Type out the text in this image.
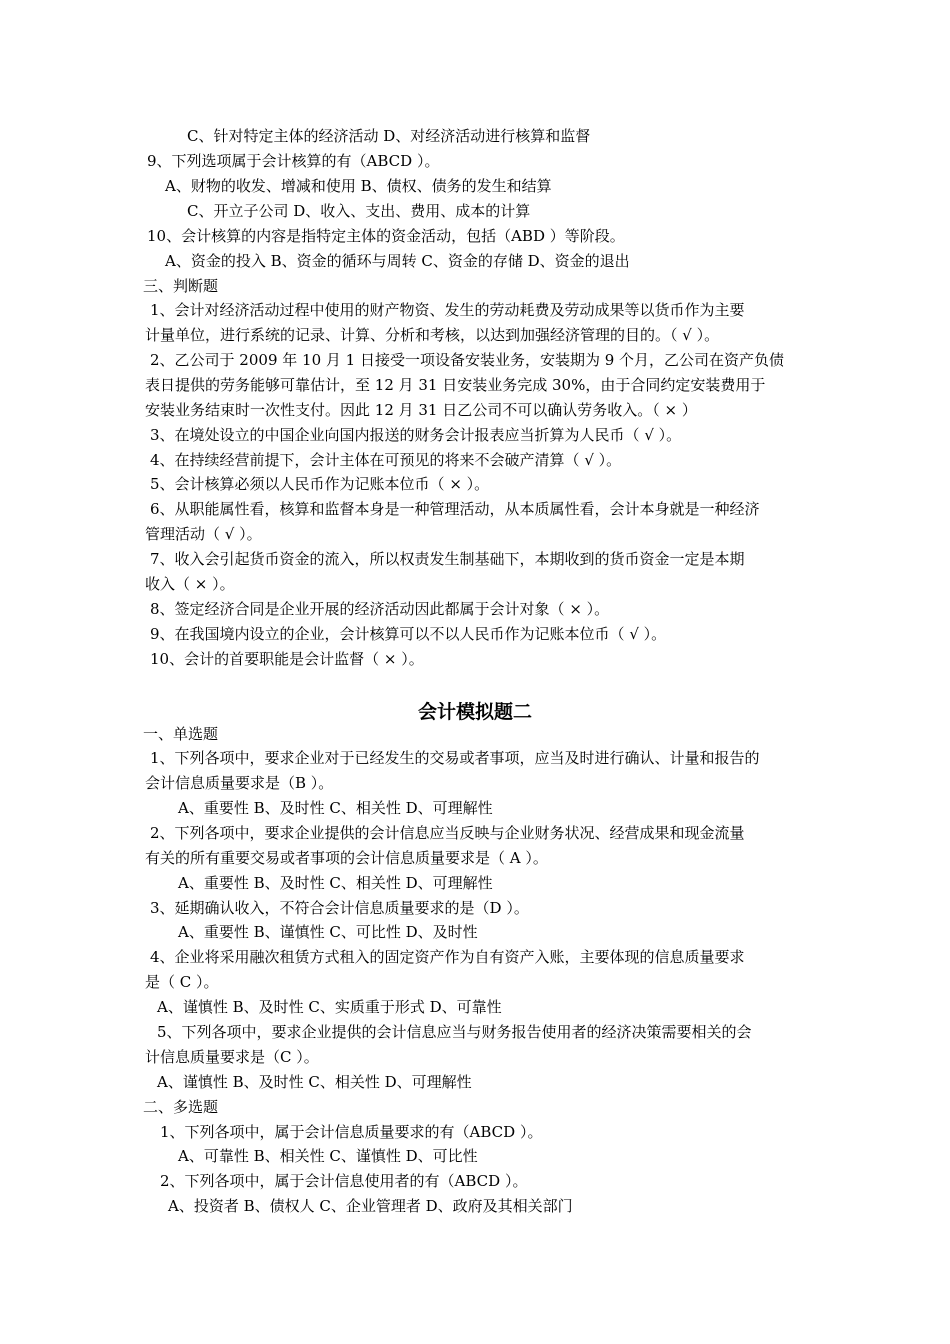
C、针对特定主体的经济活动 D、对经济活动进行核算和监督
9、下列选项属于会计核算的有（ABCD ）。
A、财物的收发、增减和使用 B、债权、债务的发生和结算
C、开立子公司 D、收入、支出、费用、成本的计算
10、会计核算的内容是指特定主体的资金活动，包括（ABD ）等阶段。
A、资金的投入 B、资金的循环与周转 C、资金的存储 D、资金的退出
三、判断题
1、会计对经济活动过程中使用的财产物资、发生的劳动耗费及劳动成果等以货币作为主要
计量单位，进行系统的记录、计算、分析和考核，以达到加强经济管理的目的。（ √ ）。
2、乙公司于 2009 年 10 月 1 日接受一项设备安装业务，安装期为 9 个月，乙公司在资产负债
表日提供的劳务能够可靠估计，至 12 月 31 日安装业务完成 30%，由于合同约定安装费用于
安装业务结束时一次性支付。因此 12 月 31 日乙公司不可以确认劳务收入。（ × ）
3、在境处设立的中国企业向国内报送的财务会计报表应当折算为人民币（ √ ）。
4、在持续经营前提下，会计主体在可预见的将来不会破产清算（ √ ）。
5、会计核算必须以人民币作为记账本位币（ × ）。
6、从职能属性看，核算和监督本身是一种管理活动，从本质属性看，会计本身就是一种经济
管理活动（ √ ）。
7、收入会引起货币资金的流入，所以权责发生制基础下，本期收到的货币资金一定是本期
收入（ × ）。
8、签定经济合同是企业开展的经济活动因此都属于会计对象（ × ）。
9、在我国境内设立的企业，会计核算可以不以人民币作为记账本位币（ √ ）。
10、会计的首要职能是会计监督（ × ）。
会计模拟题二
一、单选题
1、下列各项中，要求企业对于已经发生的交易或者事项，应当及时进行确认、计量和报告的
会计信息质量要求是（B ）。
A、重要性 B、及时性 C、相关性 D、可理解性
2、下列各项中，要求企业提供的会计信息应当反映与企业财务状况、经营成果和现金流量
有关的所有重要交易或者事项的会计信息质量要求是（ A ）。
A、重要性 B、及时性 C、相关性 D、可理解性
3、延期确认收入，不符合会计信息质量要求的是（D ）。
A、重要性 B、谨慎性 C、可比性 D、及时性
4、企业将采用融次租赁方式租入的固定资产作为自有资产入账，主要体现的信息质量要求
是（ C ）。
A、谨慎性 B、及时性 C、实质重于形式 D、可靠性
5、下列各项中，要求企业提供的会计信息应当与财务报告使用者的经济决策需要相关的会
计信息质量要求是（C ）。
A、谨慎性 B、及时性 C、相关性 D、可理解性
二、多选题
1、下列各项中，属于会计信息质量要求的有（ABCD ）。
A、可靠性 B、相关性 C、谨慎性 D、可比性
2、下列各项中，属于会计信息使用者的有（ABCD ）。
A、投资者 B、债权人 C、企业管理者 D、政府及其相关部门
